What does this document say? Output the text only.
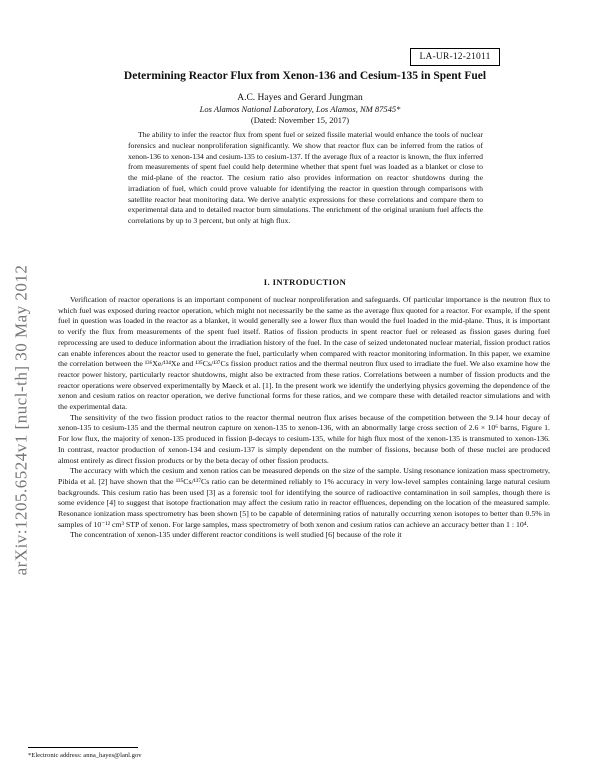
arXiv:1205.6524v1 [nucl-th] 30 May 2012
LA-UR-12-21011
Determining Reactor Flux from Xenon-136 and Cesium-135 in Spent Fuel
A.C. Hayes and Gerard Jungman
Los Alamos National Laboratory, Los Alamos, NM 87545*
(Dated: November 15, 2017)

The ability to infer the reactor flux from spent fuel or seized fissile material would enhance the tools of nuclear forensics and nuclear nonproliferation significantly. We show that reactor flux can be inferred from the ratios of xenon-136 to xenon-134 and cesium-135 to cesium-137. If the average flux of a reactor is known, the flux inferred from measurements of spent fuel could help determine whether that spent fuel was loaded as a blanket or close to the mid-plane of the reactor. The cesium ratio also provides information on reactor shutdowns during the irradiation of fuel, which could prove valuable for identifying the reactor in question through comparisons with satellite reactor heat monitoring data. We derive analytic expressions for these correlations and compare them to experimental data and to detailed reactor burn simulations. The enrichment of the original uranium fuel affects the correlations by up to 3 percent, but only at high flux.

I. INTRODUCTION

Verification of reactor operations is an important component of nuclear nonproliferation and safeguards. Of particular importance is the neutron flux to which fuel was exposed during reactor operation, which might not necessarily be the same as the average flux quoted for a reactor. For example, if the spent fuel in question was loaded in the reactor as a blanket, it would generally see a lower flux than would the fuel loaded in the mid-plane. Thus, it is important to verify the flux from measurements of the spent fuel itself. Ratios of fission products in spent reactor fuel or released as fission gases during fuel reprocessing are used to deduce information about the irradiation history of the fuel. In the case of seized undetonated nuclear material, fission product ratios can enable inferences about the reactor used to generate the fuel, particularly when compared with reactor monitoring information. In this paper, we examine the correlation between the ¹³⁶Xe/¹³⁴Xe and ¹³⁵Cs/¹³⁷Cs fission product ratios and the thermal neutron flux used to irradiate the fuel. We also examine how the reactor power history, particularly reactor shutdowns, might also be extracted from these ratios. Correlations between a number of fission products and the reactor operations were observed experimentally by Maeck et al. [1]. In the present work we identify the underlying physics governing the dependence of the xenon and cesium ratios on reactor operation, we derive functional forms for these ratios, and we compare these with detailed reactor simulations and with the experimental data.

The sensitivity of the two fission product ratios to the reactor thermal neutron flux arises because of the competition between the 9.14 hour decay of xenon-135 to cesium-135 and the thermal neutron capture on xenon-135 to xenon-136, with an abnormally large cross section of 2.6 × 10⁶ barns, Figure 1. For low flux, the majority of xenon-135 produced in fission β-decays to cesium-135, while for high flux most of the xenon-135 is transmuted to xenon-136. In contrast, reactor production of xenon-134 and cesium-137 is simply dependent on the number of fissions, because both of these nuclei are produced almost entirely as direct fission products or by the beta decay of other fission products.

The accuracy with which the cesium and xenon ratios can be measured depends on the size of the sample. Using resonance ionization mass spectrometry, Pibida et al. [2] have shown that the ¹³⁵Cs/¹³⁷Cs ratio can be determined reliably to 1% accuracy in very low-level samples containing large natural cesium backgrounds. This cesium ratio has been used [3] as a forensic tool for identifying the source of radioactive contamination in soil samples, though there is some evidence [4] to suggest that isotope fractionation may affect the cesium ratio in reactor effluences, depending on the location of the measured sample. Resonance ionization mass spectrometry has been shown [5] to be capable of determining ratios of naturally occurring xenon isotopes to better than 0.5% in samples of 10⁻¹² cm³ STP of xenon. For large samples, mass spectrometry of both xenon and cesium ratios can achieve an accuracy better than 1 : 10⁴.

The concentration of xenon-135 under different reactor conditions is well studied [6] because of the role it

*Electronic address: anna_hayes@lanl.gov
